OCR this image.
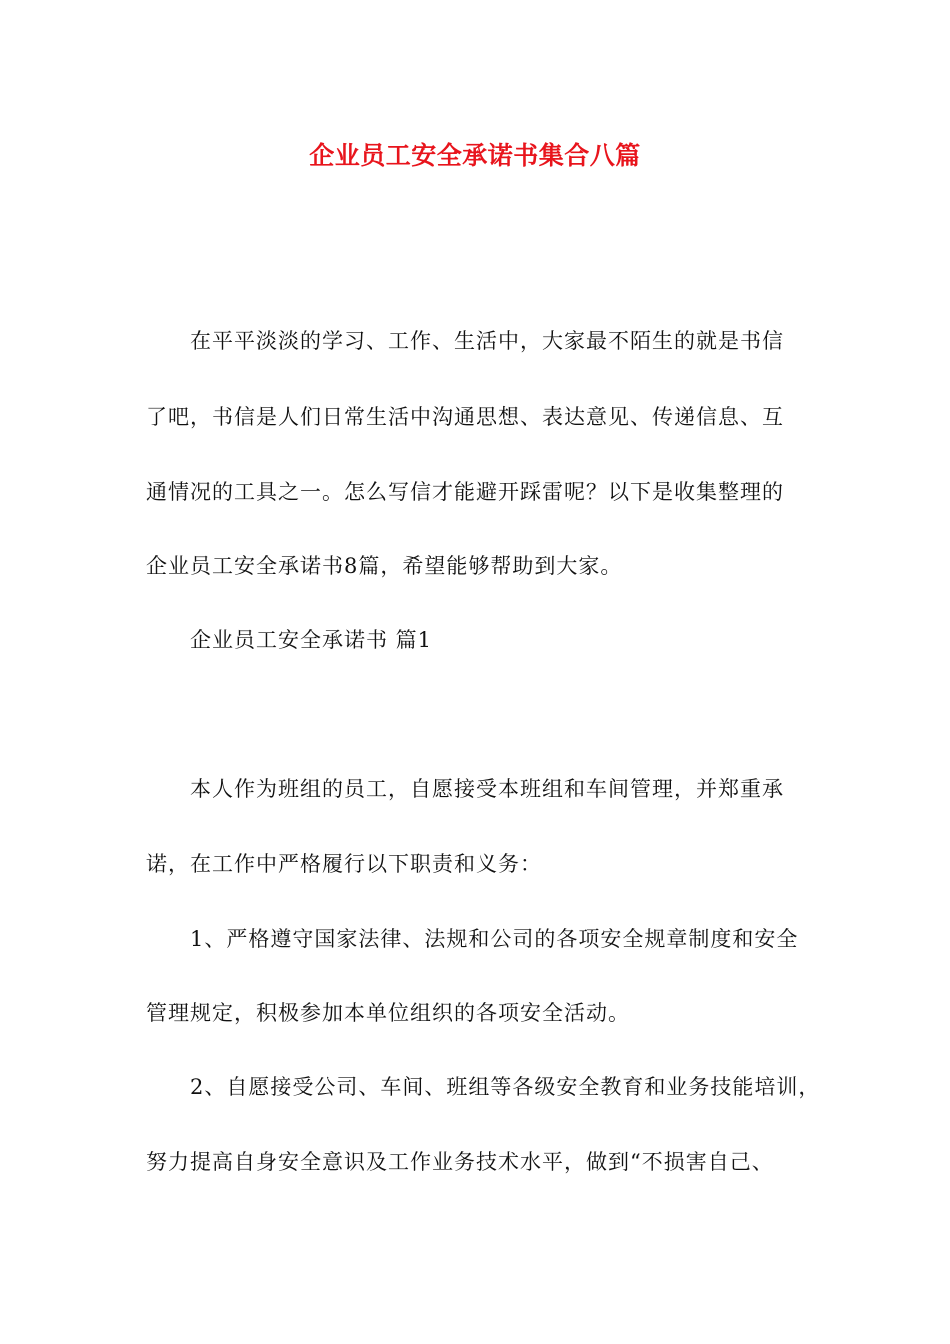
企业员工安全承诺书集合八篇
在平平淡淡的学习、工作、生活中，大家最不陌生的就是书信
了吧，书信是人们日常生活中沟通思想、表达意见、传递信息、互
通情况的工具之一。怎么写信才能避开踩雷呢？以下是收集整理的
企业员工安全承诺书8篇，希望能够帮助到大家。
企业员工安全承诺书 篇1
本人作为班组的员工，自愿接受本班组和车间管理，并郑重承
诺，在工作中严格履行以下职责和义务：
1、严格遵守国家法律、法规和公司的各项安全规章制度和安全
管理规定，积极参加本单位组织的各项安全活动。
2、自愿接受公司、车间、班组等各级安全教育和业务技能培训，
努力提高自身安全意识及工作业务技术水平，做到“不损害自己、
